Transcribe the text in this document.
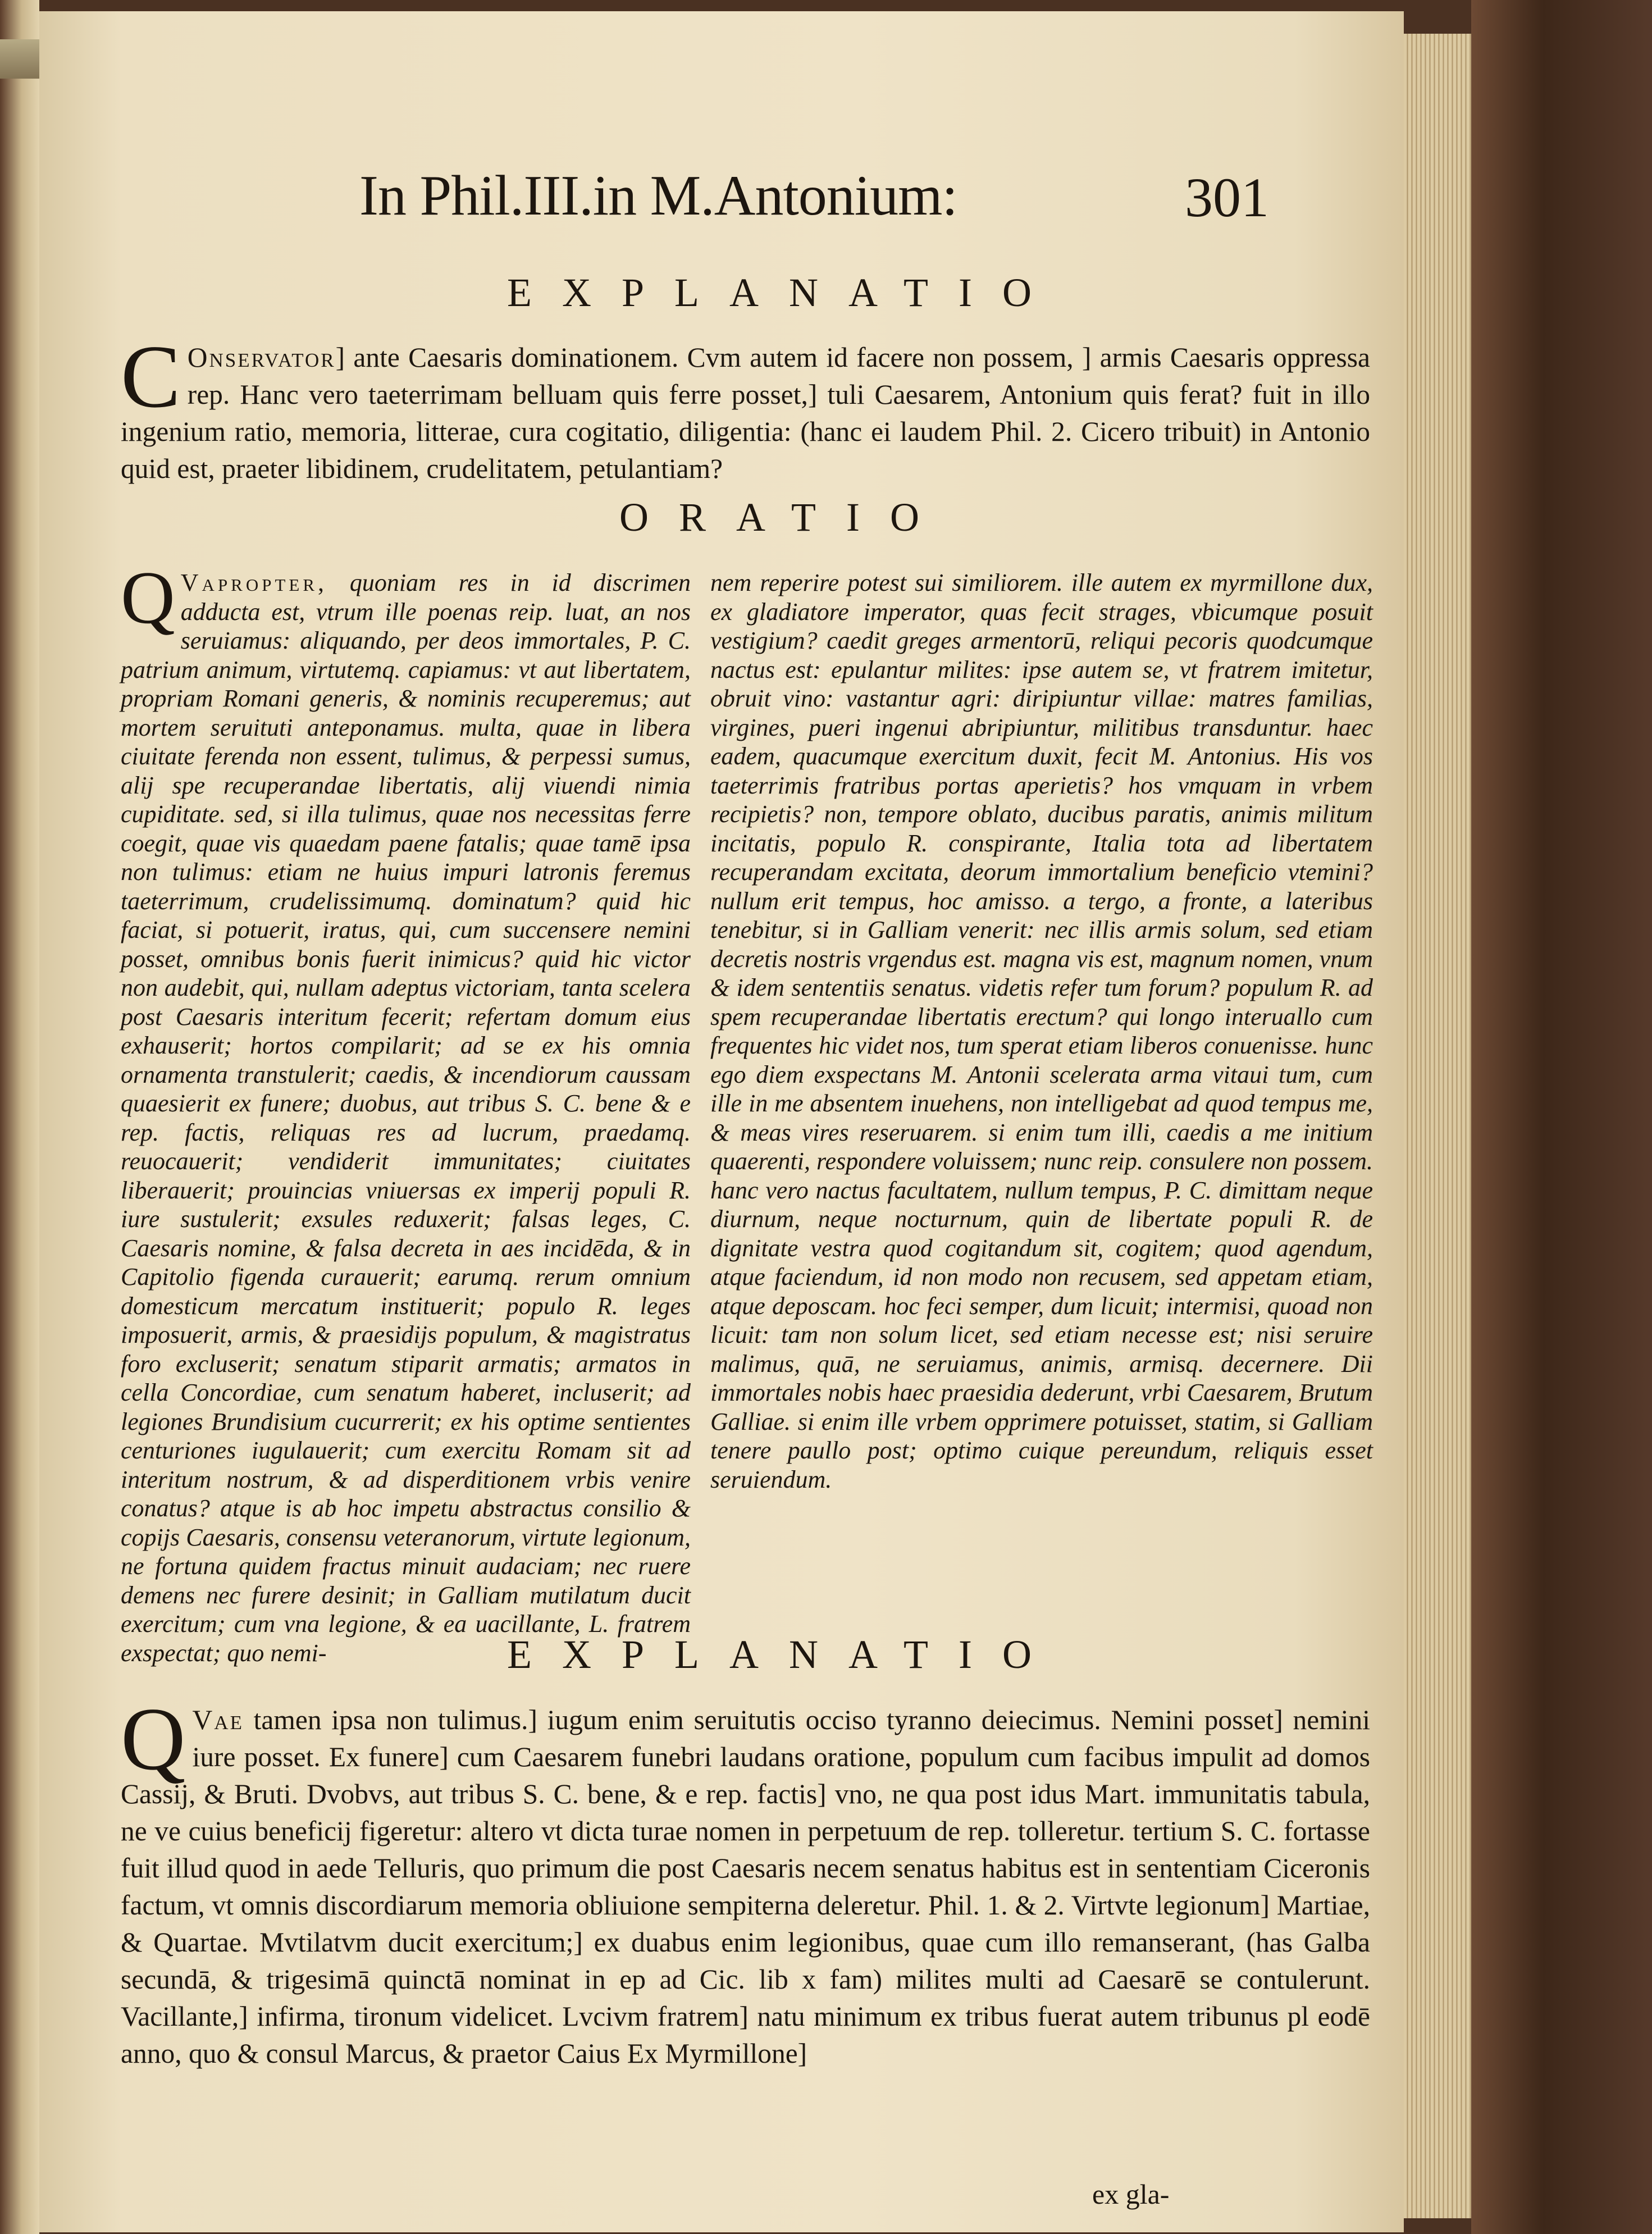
In Phil.III.in M.Antonium:	301
EXPLANATIO

C Onservator] ante Caesaris dominationem. Cvm autem id facere non possem, ] armis Caesaris oppressa rep. Hanc vero taeterrimam belluam quis ferre posset,] tuli Caesarem, Antonium quis ferat? fuit in illo ingenium ratio, memoria, litterae, cura cogitatio, diligentia: (hanc ei laudem Phil. 2. Cicero tribuit) in Antonio quid est, praeter libidinem, crudelitatem, petulantiam?

ORATIO

Q Vapropter, quoniam res in id discrimen adducta est, vtrum ille poenas reip. luat, an nos seruiamus: aliquando, per deos immortales, P. C. patrium animum, virtutemq. capiamus: vt aut libertatem, propriam Romani generis, & nominis recuperemus; aut mortem seruituti anteponamus. multa, quae in libera ciuitate ferenda non essent, tulimus, & perpessi sumus, alij spe recuperandae libertatis, alij viuendi nimia cupiditate. sed, si illa tulimus, quae nos necessitas ferre coegit, quae vis quaedam paene fatalis; quae tamē ipsa non tulimus: etiam ne huius impuri latronis feremus taeterrimum, crudelissimumq. dominatum? quid hic faciat, si potuerit, iratus, qui, cum succensere nemini posset, omnibus bonis fuerit inimicus? quid hic victor non audebit, qui, nullam adeptus victoriam, tanta scelera post Caesaris interitum fecerit; refertam domum eius exhauserit; hortos compilarit; ad se ex his omnia ornamenta transtulerit; caedis, & incendiorum caussam quaesierit ex funere; duobus, aut tribus S. C. bene & e rep. factis, reliquas res ad lucrum, praedamq. reuocauerit; vendiderit immunitates; ciuitates liberauerit; prouincias vniuersas ex imperij populi R. iure sustulerit; exsules reduxerit; falsas leges, C. Caesaris nomine, & falsa decreta in aes incidēda, & in Capitolio figenda curauerit; earumq. rerum omnium domesticum mercatum instituerit; populo R. leges imposuerit, armis, & praesidijs populum, & magistratus foro excluserit; senatum stiparit armatis; armatos in cella Concordiae, cum senatum haberet, incluserit; ad legiones Brundisium cucurrerit; ex his optime sentientes centuriones iugulauerit; cum exercitu Romam sit ad interitum nostrum, & ad disperditionem vrbis venire conatus? atque is ab hoc impetu abstractus consilio & copijs Caesaris, consensu veteranorum, virtute legionum, ne fortuna quidem fractus minuit audaciam; nec ruere demens nec furere desinit; in Galliam mutilatum ducit exercitum; cum vna legione, & ea uacillante, L. fratrem exspectat; quo nemi-

nem reperire potest sui similiorem. ille autem ex myrmillone dux, ex gladiatore imperator, quas fecit strages, vbicumque posuit vestigium? caedit greges armentorū, reliqui pecoris quodcumque nactus est: epulantur milites: ipse autem se, vt fratrem imitetur, obruit vino: vastantur agri: diripiuntur villae: matres familias, virgines, pueri ingenui abripiuntur, militibus transduntur. haec eadem, quacumque exercitum duxit, fecit M. Antonius. His vos taeterrimis fratribus portas aperietis? hos vmquam in vrbem recipietis? non, tempore oblato, ducibus paratis, animis militum incitatis, populo R. conspirante, Italia tota ad libertatem recuperandam excitata, deorum immortalium beneficio vtemini? nullum erit tempus, hoc amisso. a tergo, a fronte, a lateribus tenebitur, si in Galliam venerit: nec illis armis solum, sed etiam decretis nostris vrgendus est. magna vis est, magnum nomen, vnum & idem sententiis senatus. videtis refer tum forum? populum R. ad spem recuperandae libertatis erectum? qui longo interuallo cum frequentes hic videt nos, tum sperat etiam liberos conuenisse. hunc ego diem exspectans M. Antonii scelerata arma vitaui tum, cum ille in me absentem inuehens, non intelligebat ad quod tempus me, & meas vires reseruarem. si enim tum illi, caedis a me initium quaerenti, respondere voluissem; nunc reip. consulere non possem. hanc vero nactus facultatem, nullum tempus, P. C. dimittam neque diurnum, neque nocturnum, quin de libertate populi R. de dignitate vestra quod cogitandum sit, cogitem; quod agendum, atque faciendum, id non modo non recusem, sed appetam etiam, atque deposcam. hoc feci semper, dum licuit; intermisi, quoad non licuit: tam non solum licet, sed etiam necesse est; nisi seruire malimus, quā, ne seruiamus, animis, armisq. decernere. Dii immortales nobis haec praesidia dederunt, vrbi Caesarem, Brutum Galliae. si enim ille vrbem opprimere potuisset, statim, si Galliam tenere paullo post; optimo cuique pereundum, reliquis esset seruiendum.

EXPLANATIO

Q Vae tamen ipsa non tulimus.] iugum enim seruitutis occiso tyranno deiecimus. Nemini posset] nemini iure posset. Ex funere] cum Caesarem funebri laudans oratione, populum cum facibus impulit ad domos Cassij, & Bruti. Dvobvs, aut tribus S. C. bene, & e rep. factis] vno, ne qua post idus Mart. immunitatis tabula, ne ve cuius beneficij figeretur: altero vt dicta turae nomen in perpetuum de rep. tolleretur. tertium S. C. fortasse fuit illud quod in aede Telluris, quo primum die post Caesaris necem senatus habitus est in sententiam Ciceronis factum, vt omnis discordiarum memoria obliuione sempiterna deleretur. Phil. 1. & 2. Virtvte legionum] Martiae, & Quartae. Mvtilatvm ducit exercitum;] ex duabus enim legionibus, quae cum illo remanserant, (has Galba secundā, & trigesimā quinctā nominat in ep ad Cic. lib x fam) milites multi ad Caesarē se contulerunt. Vacillante,] infirma, tironum videlicet. Lvcivm fratrem] natu minimum ex tribus fuerat autem tribunus pl eodē anno, quo & consul Marcus, & praetor Caius Ex Myrmillone]

ex gla-
